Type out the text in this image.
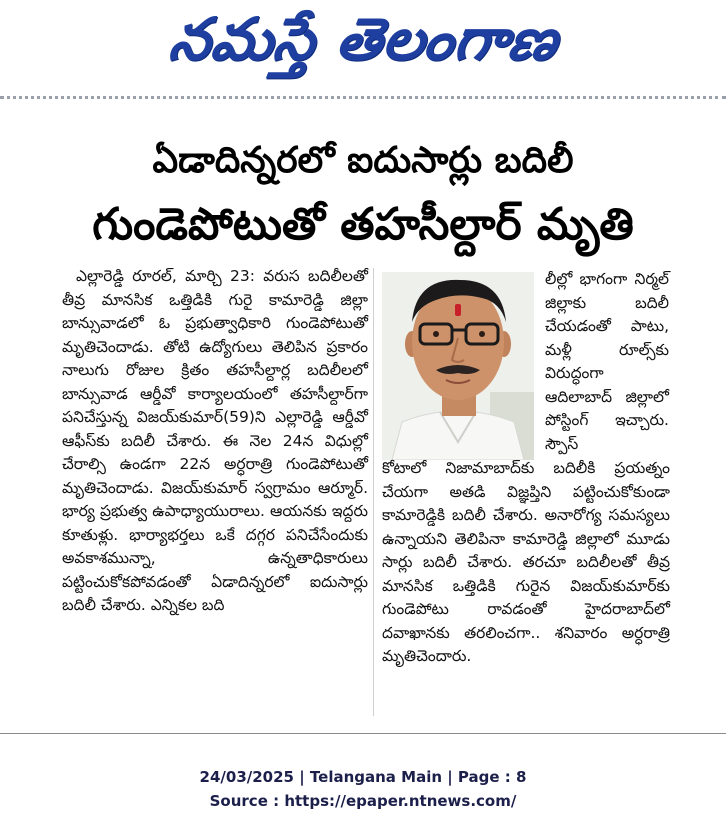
నమస్తే తెలంగాణ
ఏడాదిన్నరలో ఐదుసార్లు బదిలీ
గుండెపోటుతో తహసీల్దార్‌ మృతి

ఎల్లారెడ్డి రూరల్‌, మార్చి 23: వరుస బదిలీలతో తీవ్ర మానసిక ఒత్తిడికి గురై కామారెడ్డి జిల్లా బాన్సువాడలో ఓ ప్రభుత్వాధికారి గుండెపోటుతో మృతిచెందాడు. తోటి ఉద్యోగులు తెలిపిన ప్రకారం నాలుగు రోజుల క్రితం తహసీల్దార్ల బదిలీలలో బాన్సువాడ ఆర్డీవో కార్యాలయంలో తహసీల్దార్‌గా పనిచేస్తున్న విజయ్‌కుమార్‌(59)ని ఎల్లారెడ్డి ఆర్డీవో ఆఫీస్‌కు బదిలీ చేశారు. ఈ నెల 24న విధుల్లో చేరాల్సి ఉండగా 22న అర్ధరాత్రి గుండెపోటుతో మృతిచెందాడు. విజయ్‌కుమార్‌ స్వగ్రామం ఆర్మూర్‌. భార్య ప్రభుత్వ ఉపాధ్యాయురాలు. ఆయనకు ఇద్దరు కూతుళ్లు. భార్యాభర్తలు ఒకే దగ్గర పనిచేసేందుకు అవకాశమున్నా, ఉన్నతాధికారులు పట్టించుకోకపోవడంతో ఏడాదిన్నరలో ఐదుసార్లు బదిలీ చేశారు. ఎన్నికల బది

లీల్లో భాగంగా నిర్మల్‌ జిల్లాకు బదిలీ చేయడంతో పాటు, మళ్లీ రూల్స్‌కు విరుద్ధంగా ఆదిలాబాద్‌ జిల్లాలో పోస్టింగ్‌ ఇచ్చారు. స్పౌస్‌

కోటాలో నిజామాబాద్‌కు బదిలీకి ప్రయత్నం చేయగా అతడి విజ్ఞప్తిని పట్టించుకోకుండా కామారెడ్డికి బదిలీ చేశారు. అనారోగ్య సమస్యలు ఉన్నాయని తెలిపినా కామారెడ్డి జిల్లాలో మూడు సార్లు బదిలీ చేశారు. తరచూ బదిలీలతో తీవ్ర మానసిక ఒత్తిడికి గురైన విజయ్‌కుమార్‌కు గుండెపోటు రావడంతో హైదరాబాద్‌లో దవాఖానకు తరలించగా.. శనివారం అర్ధరాత్రి మృతిచెందారు.

24/03/2025 | Telangana Main | Page : 8
Source : https://epaper.ntnews.com/
